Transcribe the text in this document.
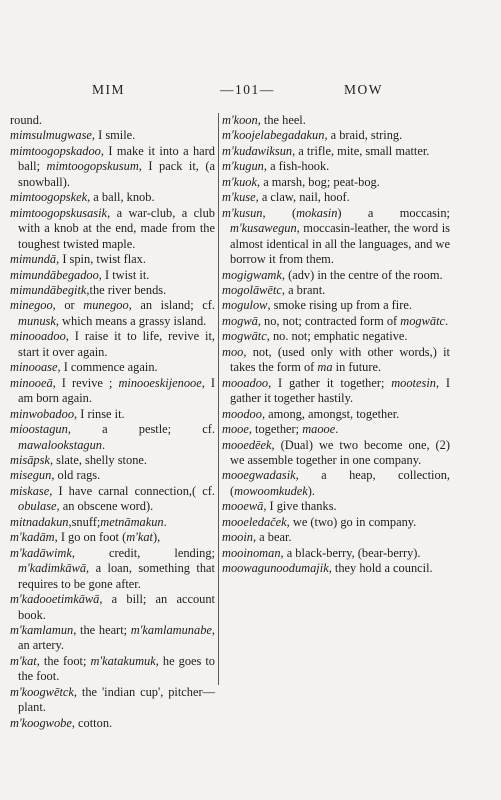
MIM	—101—	MOW

round.

mimsulmugwase, I smile.

mimtoogopskadoo, I make it into a hard ball; mimtoogopskusum, I pack it, (a snowball).

mimtoogopskek, a ball, knob.

mimtoogopskusasik, a war-club, a club with a knob at the end, made from the toughest twisted maple.

mimundā, I spin, twist flax.

mimundābegadoo, I twist it.

mimundābegitk,the river bends.

minegoo, or munegoo, an island; cf. munusk, which means a grassy island.

minooadoo, I raise it to life, revive it, start it over again.

minooase, I commence again.

minooeā, I revive ; minooeskijenooe, I am born again.

minwobadoo, I rinse it.

mioostagun, a pestle; cf. mawalookstagun.

misāpsk, slate, shelly stone.

misegun, old rags.

miskase, I have carnal connection,( cf. obulase, an obscene word).

mitnadakun,snuff;metnāmakun.

m'kadām, I go on foot (m'kat),

m'kadāwimk, credit, lending; m'kadimkāwā, a loan, something that requires to be gone after.

m'kadooetimkāwā, a bill; an account book.

m'kamlamun, the heart; m'kamlamunabe, an artery.

m'kat, the foot; m'katakumuk, he goes to the foot.

m'koogwētck, the 'indian cup', pitcher—plant.

m'koogwobe, cotton.

m'koon, the heel.

m'koojelabegadakun, a braid, string.

m'kudawiksun, a trifle, mite, small matter.

m'kugun, a fish-hook.

m'kuok, a marsh, bog; peat-bog.

m'kuse, a claw, nail, hoof.

m'kusun, (mokasin) a moccasin; m'kusawegun, moccasin-leather, the word is almost identical in all the languages, and we borrow it from them.

mogigwamk, (adv) in the centre of the room.

mogolāwētc, a brant.

mogulow, smoke rising up from a fire.

mogwā, no, not; contracted form of mogwātc.

mogwātc, no. not; emphatic negative.

moo, not, (used only with other words,) it takes the form of ma in future.

mooadoo, I gather it together; mootesin, I gather it together hastily.

moodoo, among, amongst, together.

mooe, together; maooe.

mooedēek, (Dual) we two become one, (2) we assemble together in one company.

mooegwadasik, a heap, collection, (mowoomkudek).

mooewā, I give thanks.

mooeledaček, we (two) go in company.

mooin, a bear.

mooinoman, a black-berry, (bear-berry).

moowagunoodumajik, they hold a council.
